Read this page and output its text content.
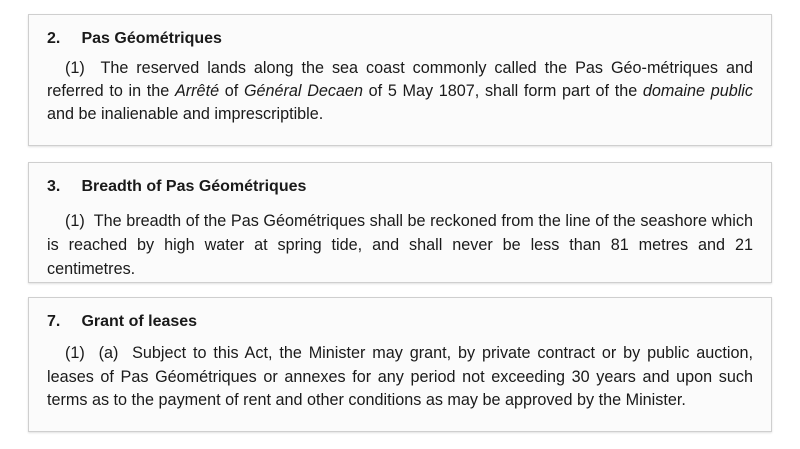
2. Pas Géométriques

(1) The reserved lands along the sea coast commonly called the Pas Géo-métriques and referred to in the Arrêté of Général Decaen of 5 May 1807, shall form part of the domaine public and be inalienable and imprescriptible.

3. Breadth of Pas Géométriques

(1) The breadth of the Pas Géométriques shall be reckoned from the line of the seashore which is reached by high water at spring tide, and shall never be less than 81 metres and 21 centimetres.

7. Grant of leases

(1) (a) Subject to this Act, the Minister may grant, by private contract or by public auction, leases of Pas Géométriques or annexes for any period not exceeding 30 years and upon such terms as to the payment of rent and other conditions as may be approved by the Minister.
